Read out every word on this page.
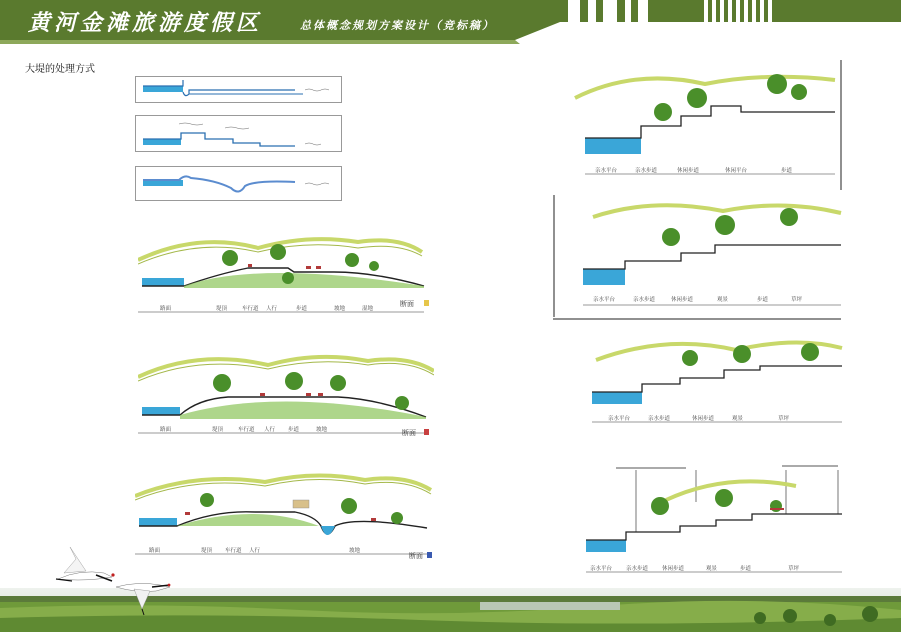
黄河金滩旅游度假区	总体概念规划方案设计（竞标稿）
大堤的处理方式
路面	堤顶	车行道 人行	步道	坡地	湿地
断面
路面	堤顶	车行道 人行 步道	坡地	断面
路面	堤顶 车行道 人行	坡地
断面
亲水平台	亲水步道	休闲步道	休闲平台	步道
亲水平台	亲水步道	休闲步道	观景	步道	草坪
亲水平台	亲水步道	休闲步道	观景	草坪
亲水平台	亲水步道	休闲步道	观景	步道	草坪
